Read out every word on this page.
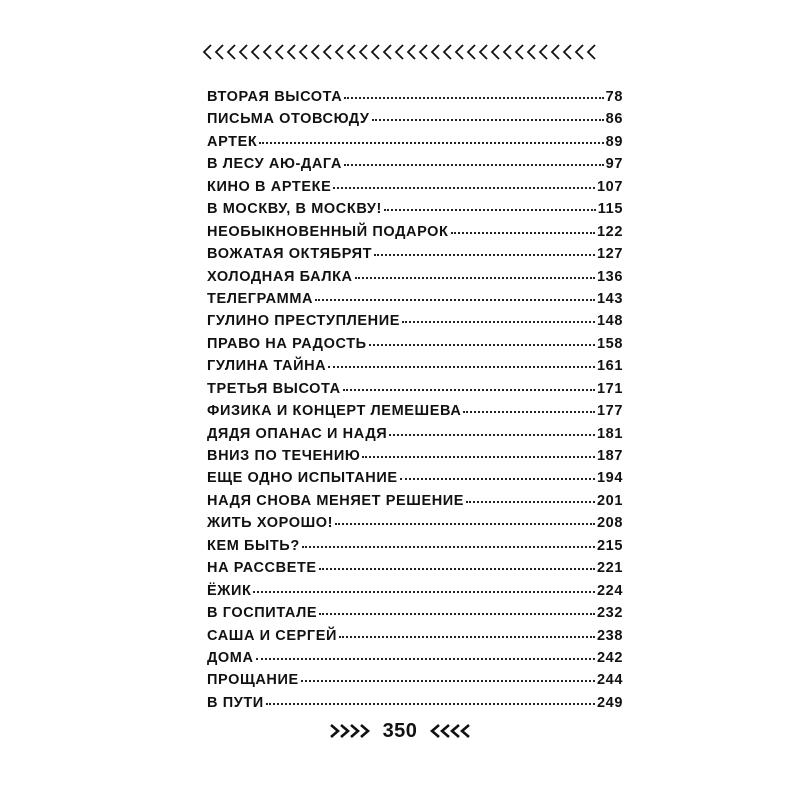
ВТОРАЯ ВЫСОТА	78
ПИСЬМА ОТОВСЮДУ	86
АРТЕК	89
В ЛЕСУ АЮ-ДАГА	97
КИНО В АРТЕКЕ	107
В МОСКВУ, В МОСКВУ!	115
НЕОБЫКНОВЕННЫЙ ПОДАРОК	122
ВОЖАТАЯ ОКТЯБРЯТ	127
ХОЛОДНАЯ БАЛКА	136
ТЕЛЕГРАММА	143
ГУЛИНО ПРЕСТУПЛЕНИЕ	148
ПРАВО НА РАДОСТЬ	158
ГУЛИНА ТАЙНА	161
ТРЕТЬЯ ВЫСОТА	171
ФИЗИКА И КОНЦЕРТ ЛЕМЕШЕВА	177
ДЯДЯ ОПАНАС И НАДЯ	181
ВНИЗ ПО ТЕЧЕНИЮ	187
ЕЩЕ ОДНО ИСПЫТАНИЕ	194
НАДЯ СНОВА МЕНЯЕТ РЕШЕНИЕ	201
ЖИТЬ ХОРОШО!	208
КЕМ БЫТЬ?	215
НА РАССВЕТЕ	221
ЁЖИК	224
В ГОСПИТАЛЕ	232
САША И СЕРГЕЙ	238
ДОМА	242
ПРОЩАНИЕ	244
В ПУТИ	249
350
